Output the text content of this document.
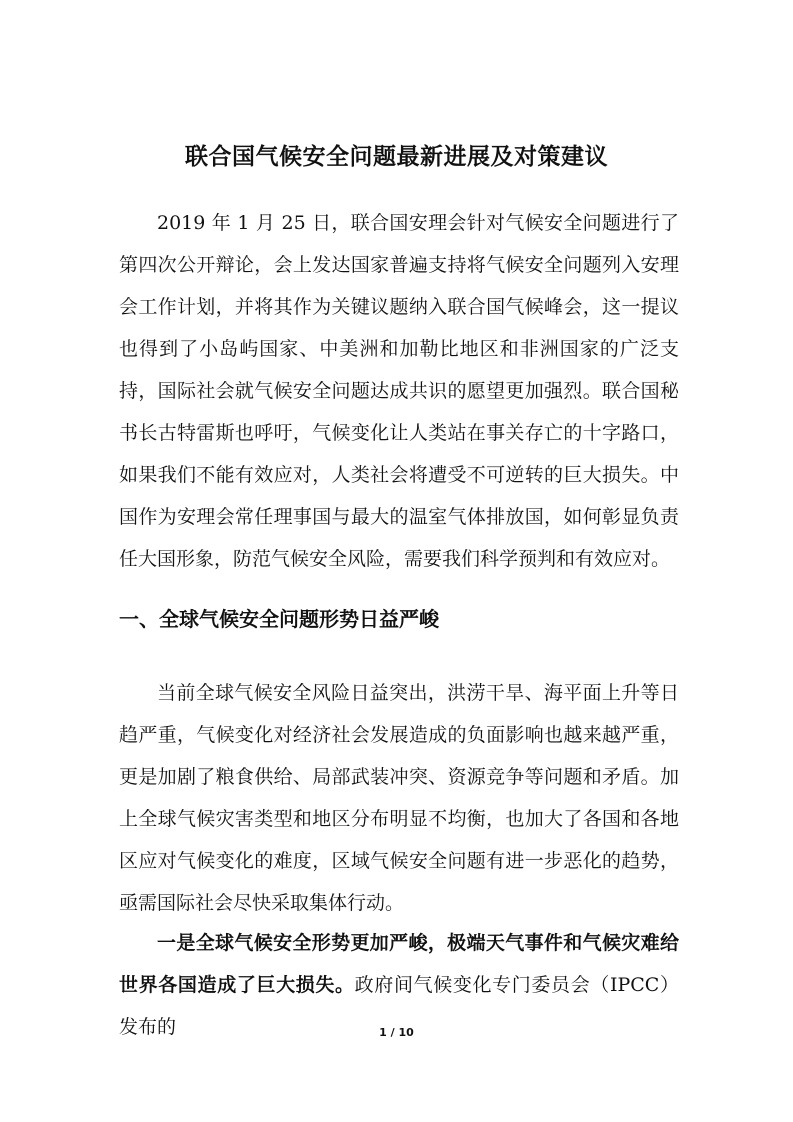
联合国气候安全问题最新进展及对策建议

2019 年 1 月 25 日，联合国安理会针对气候安全问题进行了第四次公开辩论，会上发达国家普遍支持将气候安全问题列入安理会工作计划，并将其作为关键议题纳入联合国气候峰会，这一提议也得到了小岛屿国家、中美洲和加勒比地区和非洲国家的广泛支持，国际社会就气候安全问题达成共识的愿望更加强烈。联合国秘书长古特雷斯也呼吁，气候变化让人类站在事关存亡的十字路口，如果我们不能有效应对，人类社会将遭受不可逆转的巨大损失。中国作为安理会常任理事国与最大的温室气体排放国，如何彰显负责任大国形象，防范气候安全风险，需要我们科学预判和有效应对。

一、全球气候安全问题形势日益严峻

当前全球气候安全风险日益突出，洪涝干旱、海平面上升等日趋严重，气候变化对经济社会发展造成的负面影响也越来越严重，更是加剧了粮食供给、局部武装冲突、资源竞争等问题和矛盾。加上全球气候灾害类型和地区分布明显不均衡，也加大了各国和各地区应对气候变化的难度，区域气候安全问题有进一步恶化的趋势，亟需国际社会尽快采取集体行动。

一是全球气候安全形势更加严峻，极端天气事件和气候灾难给世界各国造成了巨大损失。政府间气候变化专门委员会（IPCC）发布的	1 / 10
